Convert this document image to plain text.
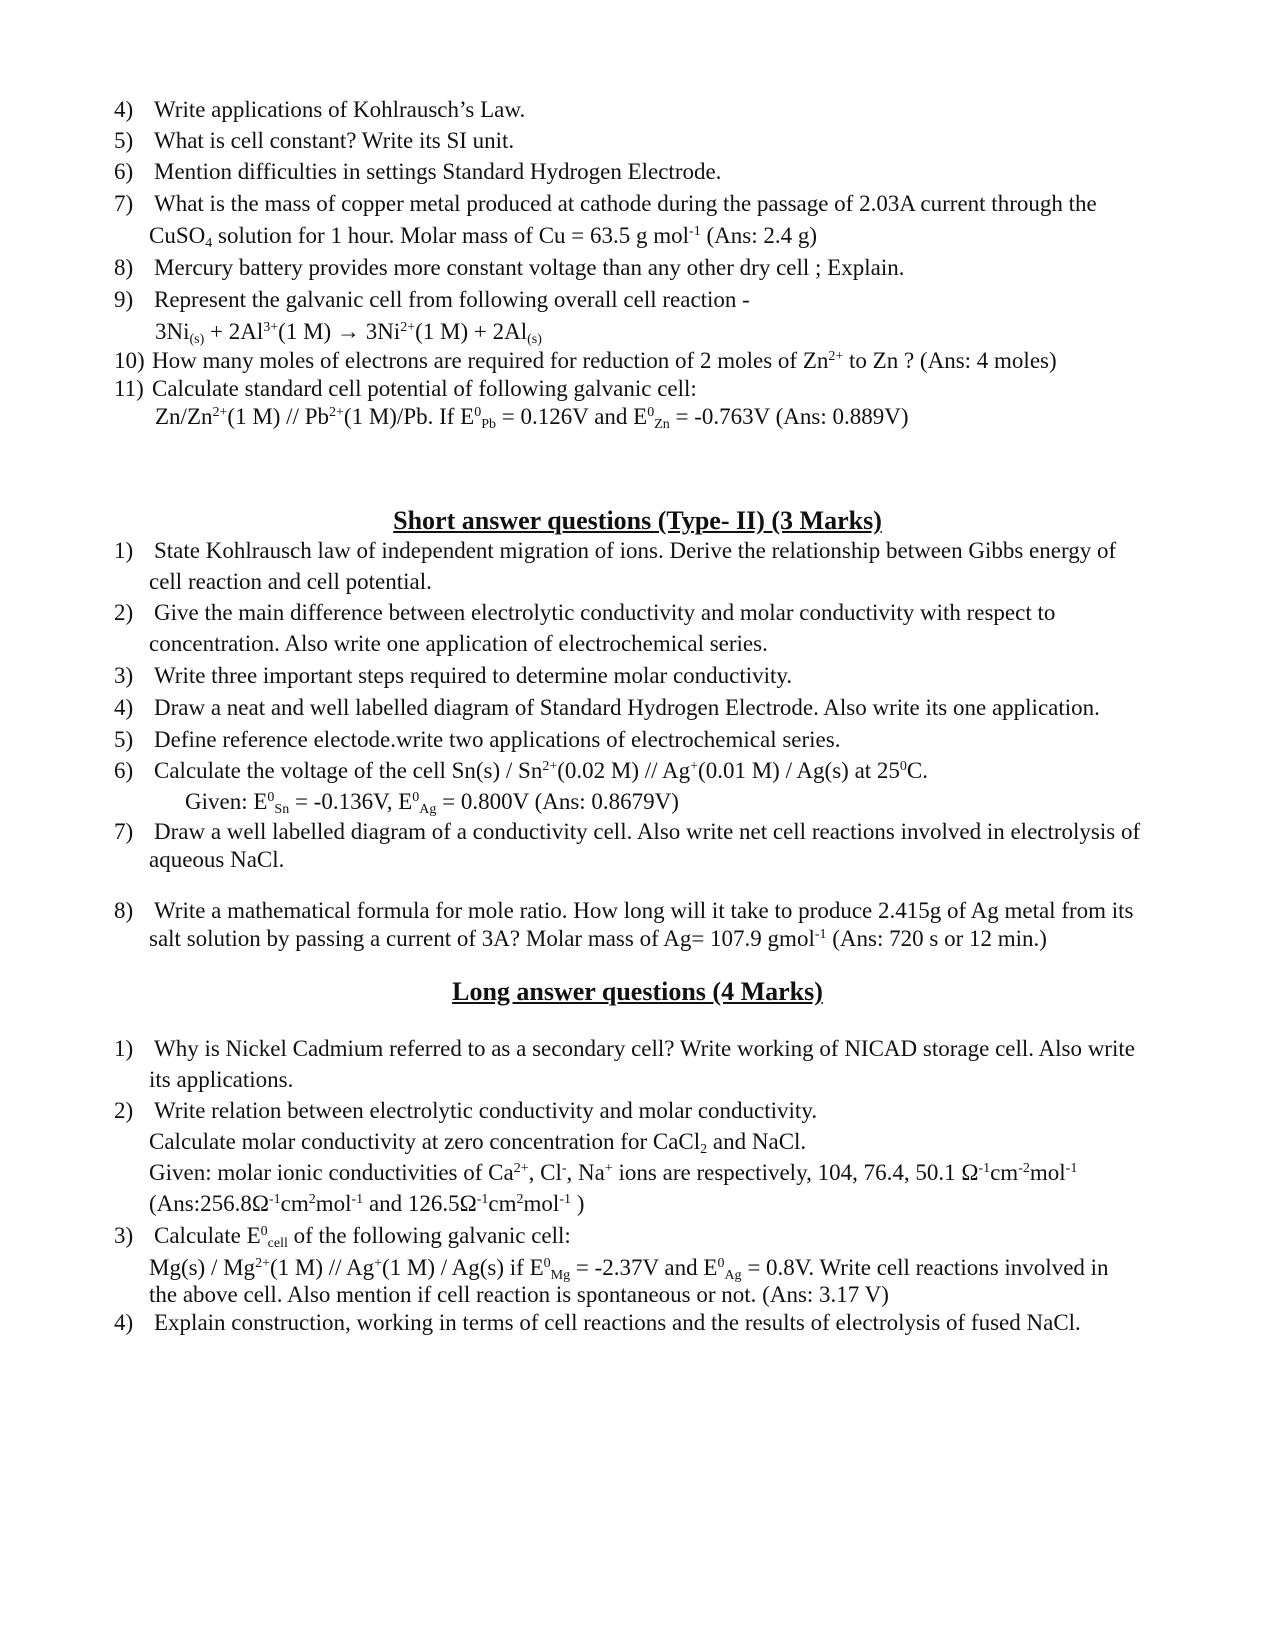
4) Write applications of Kohlrausch’s Law.
5) What is cell constant? Write its SI unit.
6) Mention difficulties in settings Standard Hydrogen Electrode.
7) What is the mass of copper metal produced at cathode during the passage of 2.03A current through the
CuSO$_4$ solution for 1 hour. Molar mass of Cu = 63.5 g mol$^{-1}$ (Ans: 2.4 g)
8) Mercury battery provides more constant voltage than any other dry cell ; Explain.
9) Represent the galvanic cell from following overall cell reaction -
$3Ni_{(s)} + 2Al^{3+}(1$ $M) \to 3Ni^{2+}(1$ $M) + 2Al_{(s)}$
10) How many moles of electrons are required for reduction of 2 moles of $Zn^{2+}$ to Zn ? (Ans: 4 moles)
11) Calculate standard cell potential of following galvanic cell:
$Zn/Zn^{2+}(1$ $M) // Pb^{2+}(1$ M)/Pb. If $E^0_{Pb} = 0.126V$ and $E^0_{Zn} = -0.763V$ (Ans: 0.889V)
Short answer questions (Type- II) (3 Marks)
1) State Kohlrausch law of independent migration of ions. Derive the relationship between Gibbs energy of
cell reaction and cell potential.
2) Give the main difference between electrolytic conductivity and molar conductivity with respect to
concentration. Also write one application of electrochemical series.
3) Write three important steps required to determine molar conductivity.
4) Draw a neat and well labelled diagram of Standard Hydrogen Electrode. Also write its one application.
5) Define reference electode.write two applications of electrochemical series.
6) Calculate the voltage of the cell $Sn(s) / Sn^{2+}(0.02$ M) // Ag+(0.01 M) / Ag(s) at $25^0C$.
Given: $E^0_{Sn} = -0.136V$, $E^0_{Ag} = 0.800V$ (Ans: 0.8679V)
7) Draw a well labelled diagram of a conductivity cell. Also write net cell reactions involved in electrolysis of
aqueous NaCl.
8) Write a mathematical formula for mole ratio. How long will it take to produce 2.415g of Ag metal from its
salt solution by passing a current of 3A? Molar mass of Ag= 107.9 gmol$^{-1}$ (Ans: 720 s or 12 min.)
Long answer questions (4 Marks)
1) Why is Nickel Cadmium referred to as a secondary cell? Write working of NICAD storage cell. Also write
its applications.
2) Write relation between electrolytic conductivity and molar conductivity.
Calculate molar conductivity at zero concentration for CaCl$_2$ and NaCl.
Given: molar ionic conductivities of $Ca^{2+}$, Cl-, Na+ ions are respectively, 104, 76.4, 50.1 $\Omega^{-1}cm^{-2}mol^{-1}$
($Ans:256.8\Omega^{-1}cm^2mol^{-1}$ and $126.5\Omega^{-1}cm^2mol^{-1}$ )
3) Calculate $E^0_{cell}$ of the following galvanic cell:
$Mg(s) / Mg^{2+}(1$ M) // Ag+(1 M) / Ag(s) if $E^0_{Mg} = -2.37V$ and $E^0_{Ag} = 0.8V$. Write cell reactions involved in
the above cell. Also mention if cell reaction is spontaneous or not. (Ans: 3.17 V)
4) Explain construction, working in terms of cell reactions and the results of electrolysis of fused NaCl.
